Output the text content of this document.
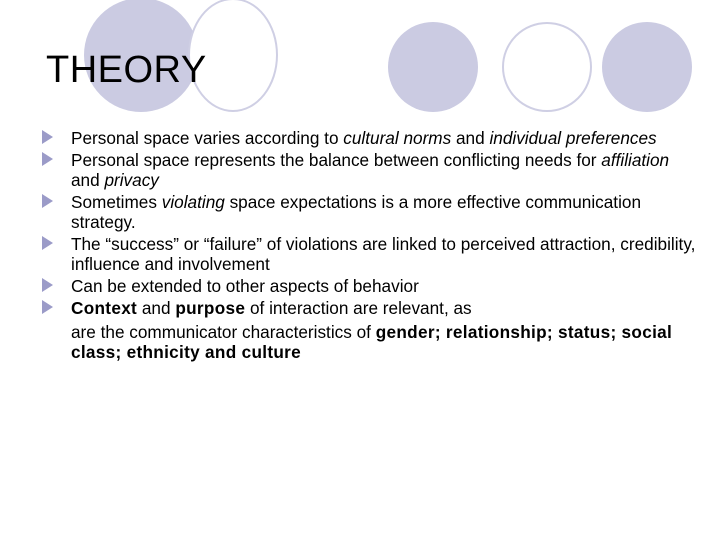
THEORY
Personal space varies according to cultural norms and individual preferences
Personal space represents the balance between conflicting needs for affiliation and privacy
Sometimes violating space expectations is a more effective communication strategy.
The “success” or “failure” of violations are linked to perceived attraction, credibility, influence and involvement
Can be extended to other aspects of behavior
Context and purpose of interaction are relevant, as
are the communicator characteristics of gender; relationship; status; social class; ethnicity and culture
